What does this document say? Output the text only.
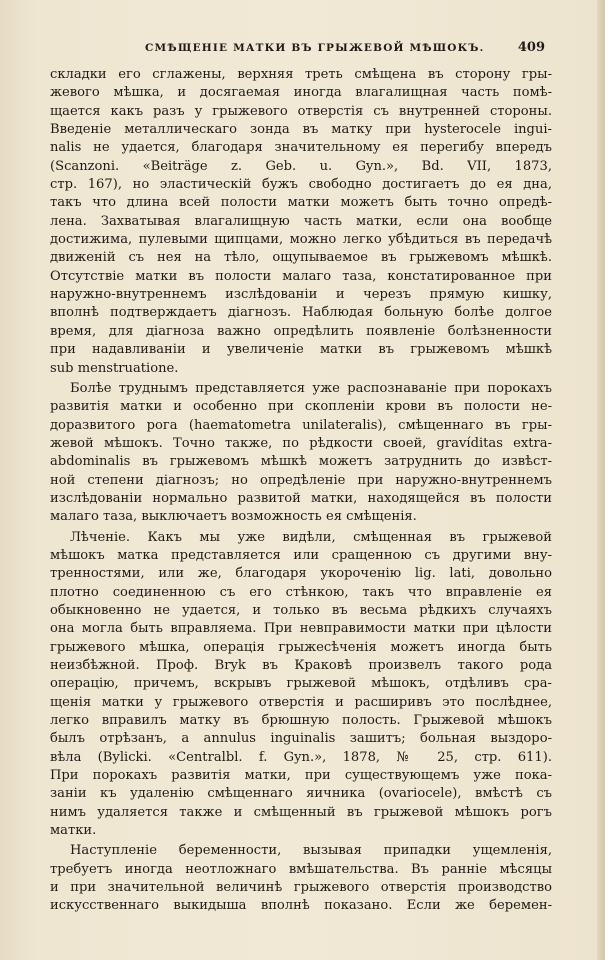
СМѢЩЕНІЕ МАТКИ ВЪ ГРЫЖЕВОЙ МѢШОКЪ.	409
складки его сглажены, верхняя треть смѣщена въ сторону гры-
жевого мѣшка, и досягаемая иногда влагалищная часть помѣ-
щается какъ разъ у грыжевого отверстія съ внутренней стороны.
Введеніе металлическаго зонда въ матку при hysterocele ingui-
nalis не удается, благодаря значительному ея перегибу впередъ
(Scanzoni. «Beiträge z. Geb. u. Gyn.», Bd. VII, 1873,
стр. 167), но эластическій бужъ свободно достигаетъ до ея дна,
такъ что длина всей полости матки можетъ быть точно опредѣ-
лена. Захватывая влагалищную часть матки, если она вообще
достижима, пулевыми щипцами, можно легко убѣдиться въ передачѣ
движеній съ нея на тѣло, ощупываемое въ грыжевомъ мѣшкѣ.
Отсутствіе матки въ полости малаго таза, констатированное при
наружно-внутреннемъ изслѣдованіи и черезъ прямую кишку,
вполнѣ подтверждаетъ діагнозъ. Наблюдая больную болѣе долгое
время, для діагноза важно опредѣлить появленіе болѣзненности
при надавливаніи и увеличеніе матки въ грыжевомъ мѣшкѣ
sub menstruatione.
Болѣе труднымъ представляется уже распознаваніе при порокахъ
развитія матки и особенно при скопленіи крови въ полости не-
доразвитого рога (haematometra unilateralis), смѣщеннаго въ гры-
жевой мѣшокъ. Точно также, по рѣдкости своей, gravíditas extra-
abdominalis въ грыжевомъ мѣшкѣ можетъ затруднить до извѣст-
ной степени діагнозъ; но опредѣленіе при наружно-внутреннемъ
изслѣдованіи нормально развитой матки, находящейся въ полости
малаго таза, выключаетъ возможность ея смѣщенія.
Лѣченіе. Какъ мы уже видѣли, смѣщенная въ грыжевой
мѣшокъ матка представляется или сращенною съ другими вну-
тренностями, или же, благодаря укороченію lig. lati, довольно
плотно соединенною съ его стѣнкою, такъ что вправленіе ея
обыкновенно не удается, и только въ весьма рѣдкихъ случаяхъ
она могла быть вправляема. При невправимости матки при цѣлости
грыжевого мѣшка, операція грыжесѣченія можетъ иногда быть
неизбѣжной. Проф. Bryk въ Краковѣ произвелъ такого рода
операцію, причемъ, вскрывъ грыжевой мѣшокъ, отдѣливъ сра-
щенія матки у грыжевого отверстія и расширивъ это послѣднее,
легко вправилъ матку въ брюшную полость. Грыжевой мѣшокъ
былъ отрѣзанъ, а annulus inguinalis зашитъ; больная выздоро-
вѣла (Bylicki. «Centralbl. f. Gyn.», 1878, № 25, стр. 611).
При порокахъ развитія матки, при существующемъ уже пока-
заніи къ удаленію смѣщеннаго яичника (ovariocele), вмѣстѣ съ
нимъ удаляется также и смѣщенный въ грыжевой мѣшокъ рогъ
матки.
Наступленіе беременности, вызывая припадки ущемленія,
требуетъ иногда неотложнаго вмѣшательства. Въ ранніе мѣсяцы
и при значительной величинѣ грыжевого отверстія производство
искусственнаго выкидыша вполнѣ показано. Если же беремен-
